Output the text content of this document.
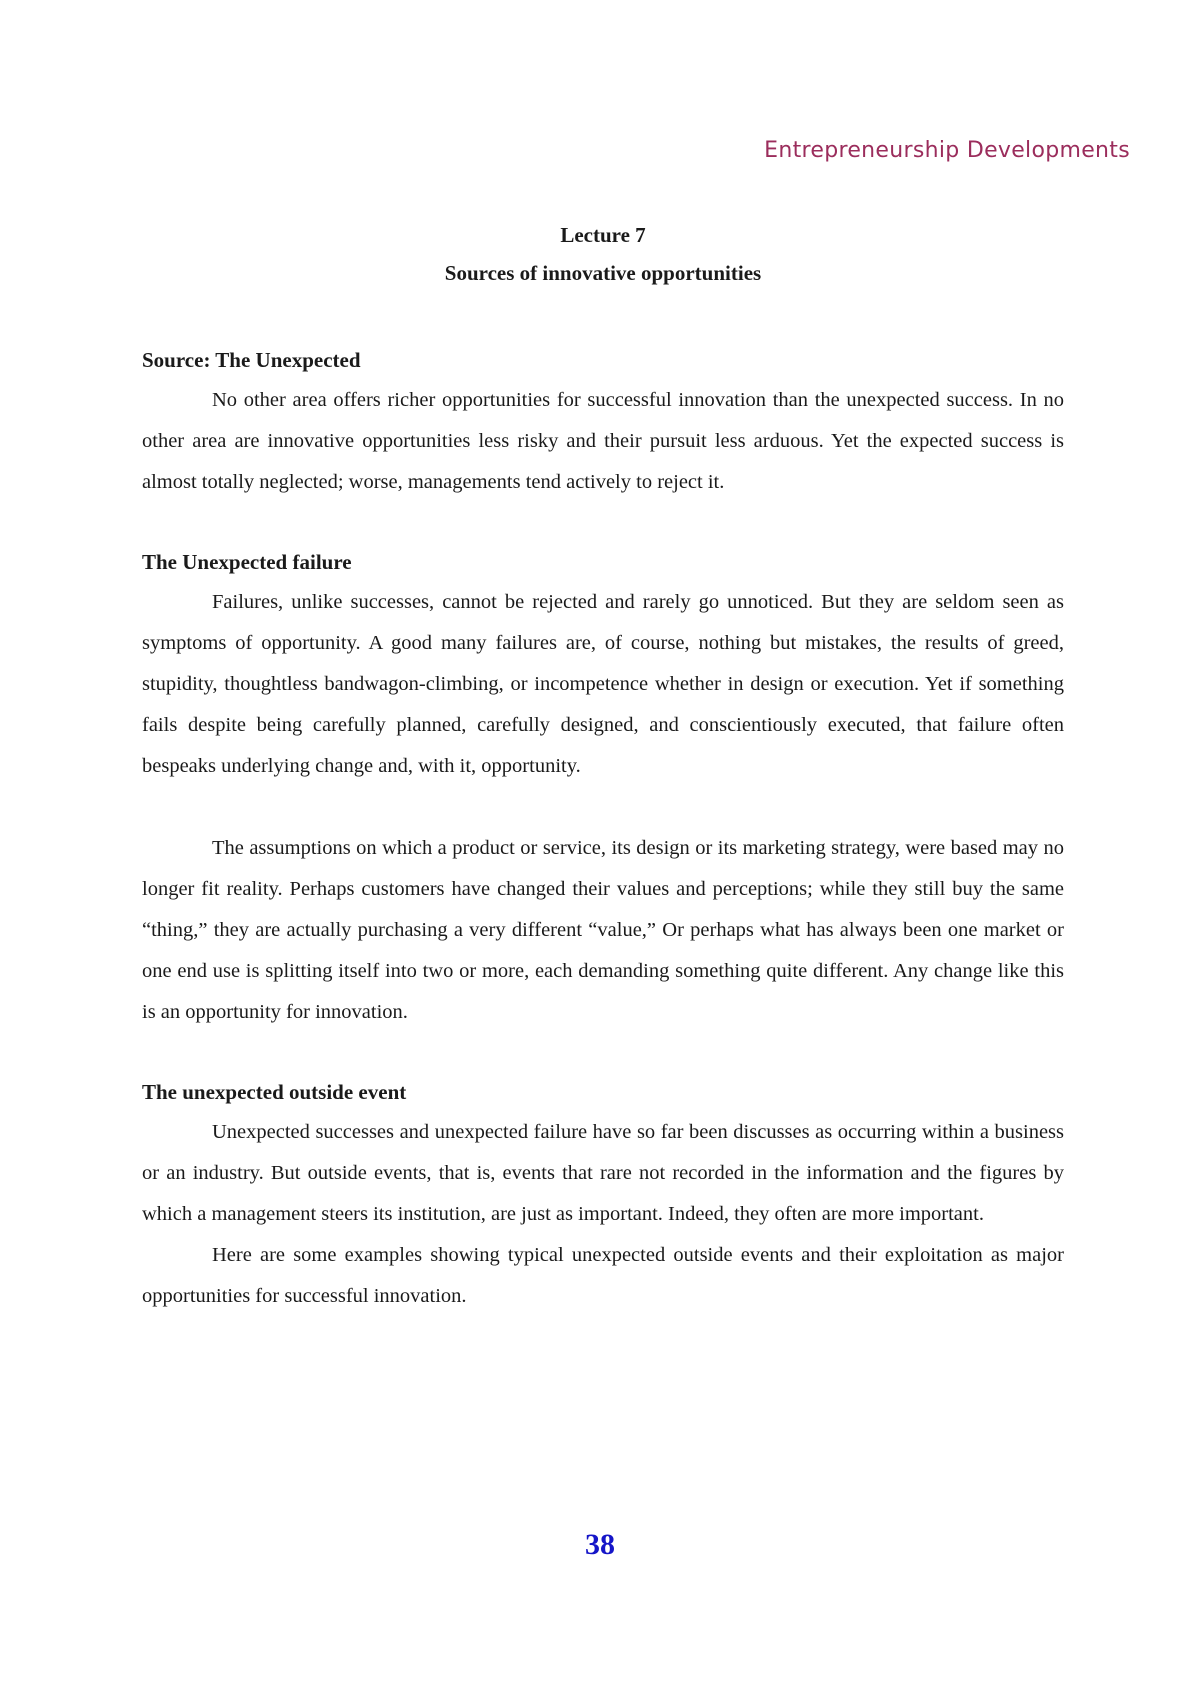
Entrepreneurship Developments
Lecture 7
Sources of innovative opportunities
Source: The Unexpected

No other area offers richer opportunities for successful innovation than the unexpected success. In no other area are innovative opportunities less risky and their pursuit less arduous. Yet the expected success is almost totally neglected; worse, managements tend actively to reject it.

The Unexpected failure

Failures, unlike successes, cannot be rejected and rarely go unnoticed. But they are seldom seen as symptoms of opportunity. A good many failures are, of course, nothing but mistakes, the results of greed, stupidity, thoughtless bandwagon-climbing, or incompetence whether in design or execution. Yet if something fails despite being carefully planned, carefully designed, and conscientiously executed, that failure often bespeaks underlying change and, with it, opportunity.

The assumptions on which a product or service, its design or its marketing strategy, were based may no longer fit reality. Perhaps customers have changed their values and perceptions; while they still buy the same “thing,” they are actually purchasing a very different “value,” Or perhaps what has always been one market or one end use is splitting itself into two or more, each demanding something quite different. Any change like this is an opportunity for innovation.

The unexpected outside event

Unexpected successes and unexpected failure have so far been discusses as occurring within a business or an industry. But outside events, that is, events that rare not recorded in the information and the figures by which a management steers its institution, are just as important. Indeed, they often are more important.

Here are some examples showing typical unexpected outside events and their exploitation as major opportunities for successful innovation.

38
